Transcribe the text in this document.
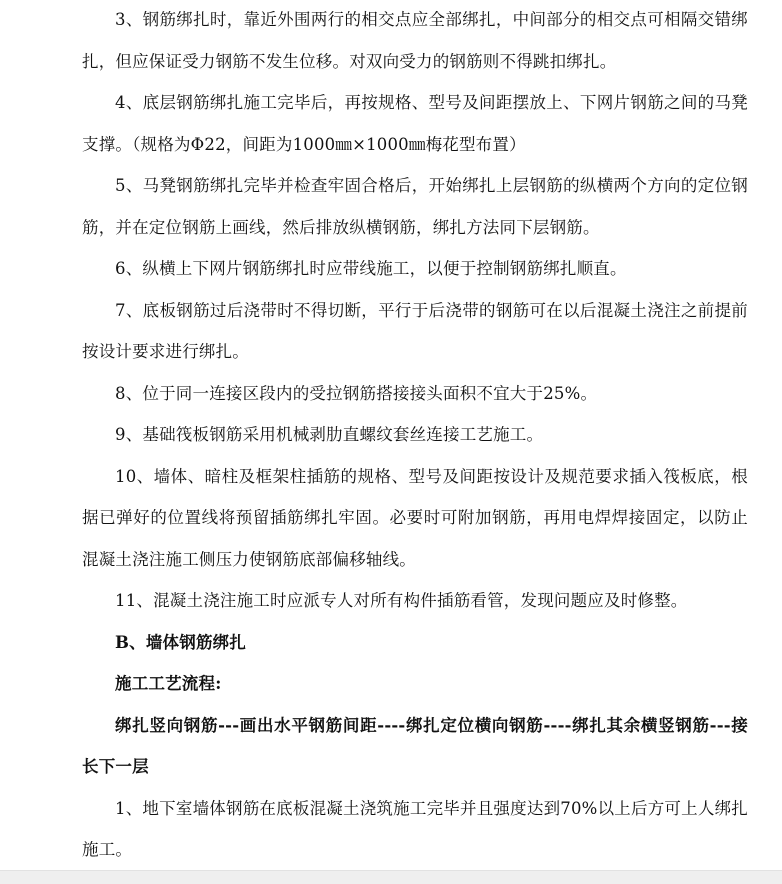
3、钢筋绑扎时，靠近外围两行的相交点应全部绑扎，中间部分的相交点可相隔交错绑扎，但应保证受力钢筋不发生位移。对双向受力的钢筋则不得跳扣绑扎。

4、底层钢筋绑扎施工完毕后，再按规格、型号及间距摆放上、下网片钢筋之间的马凳支撑。（规格为Φ22，间距为1000㎜×1000㎜梅花型布置）

5、马凳钢筋绑扎完毕并检查牢固合格后，开始绑扎上层钢筋的纵横两个方向的定位钢筋，并在定位钢筋上画线，然后排放纵横钢筋，绑扎方法同下层钢筋。

6、纵横上下网片钢筋绑扎时应带线施工，以便于控制钢筋绑扎顺直。

7、底板钢筋过后浇带时不得切断，平行于后浇带的钢筋可在以后混凝土浇注之前提前按设计要求进行绑扎。

8、位于同一连接区段内的受拉钢筋搭接接头面积不宜大于25%。

9、基础筏板钢筋采用机械剥肋直螺纹套丝连接工艺施工。

10、墙体、暗柱及框架柱插筋的规格、型号及间距按设计及规范要求插入筏板底，根据已弹好的位置线将预留插筋绑扎牢固。必要时可附加钢筋，再用电焊焊接固定，以防止混凝土浇注施工侧压力使钢筋底部偏移轴线。

11、混凝土浇注施工时应派专人对所有构件插筋看管，发现问题应及时修整。

B、墙体钢筋绑扎

施工工艺流程:

绑扎竖向钢筋---画出水平钢筋间距----绑扎定位横向钢筋----绑扎其余横竖钢筋---接长下一层

1、地下室墙体钢筋在底板混凝土浇筑施工完毕并且强度达到70%以上后方可上人绑扎施工。
